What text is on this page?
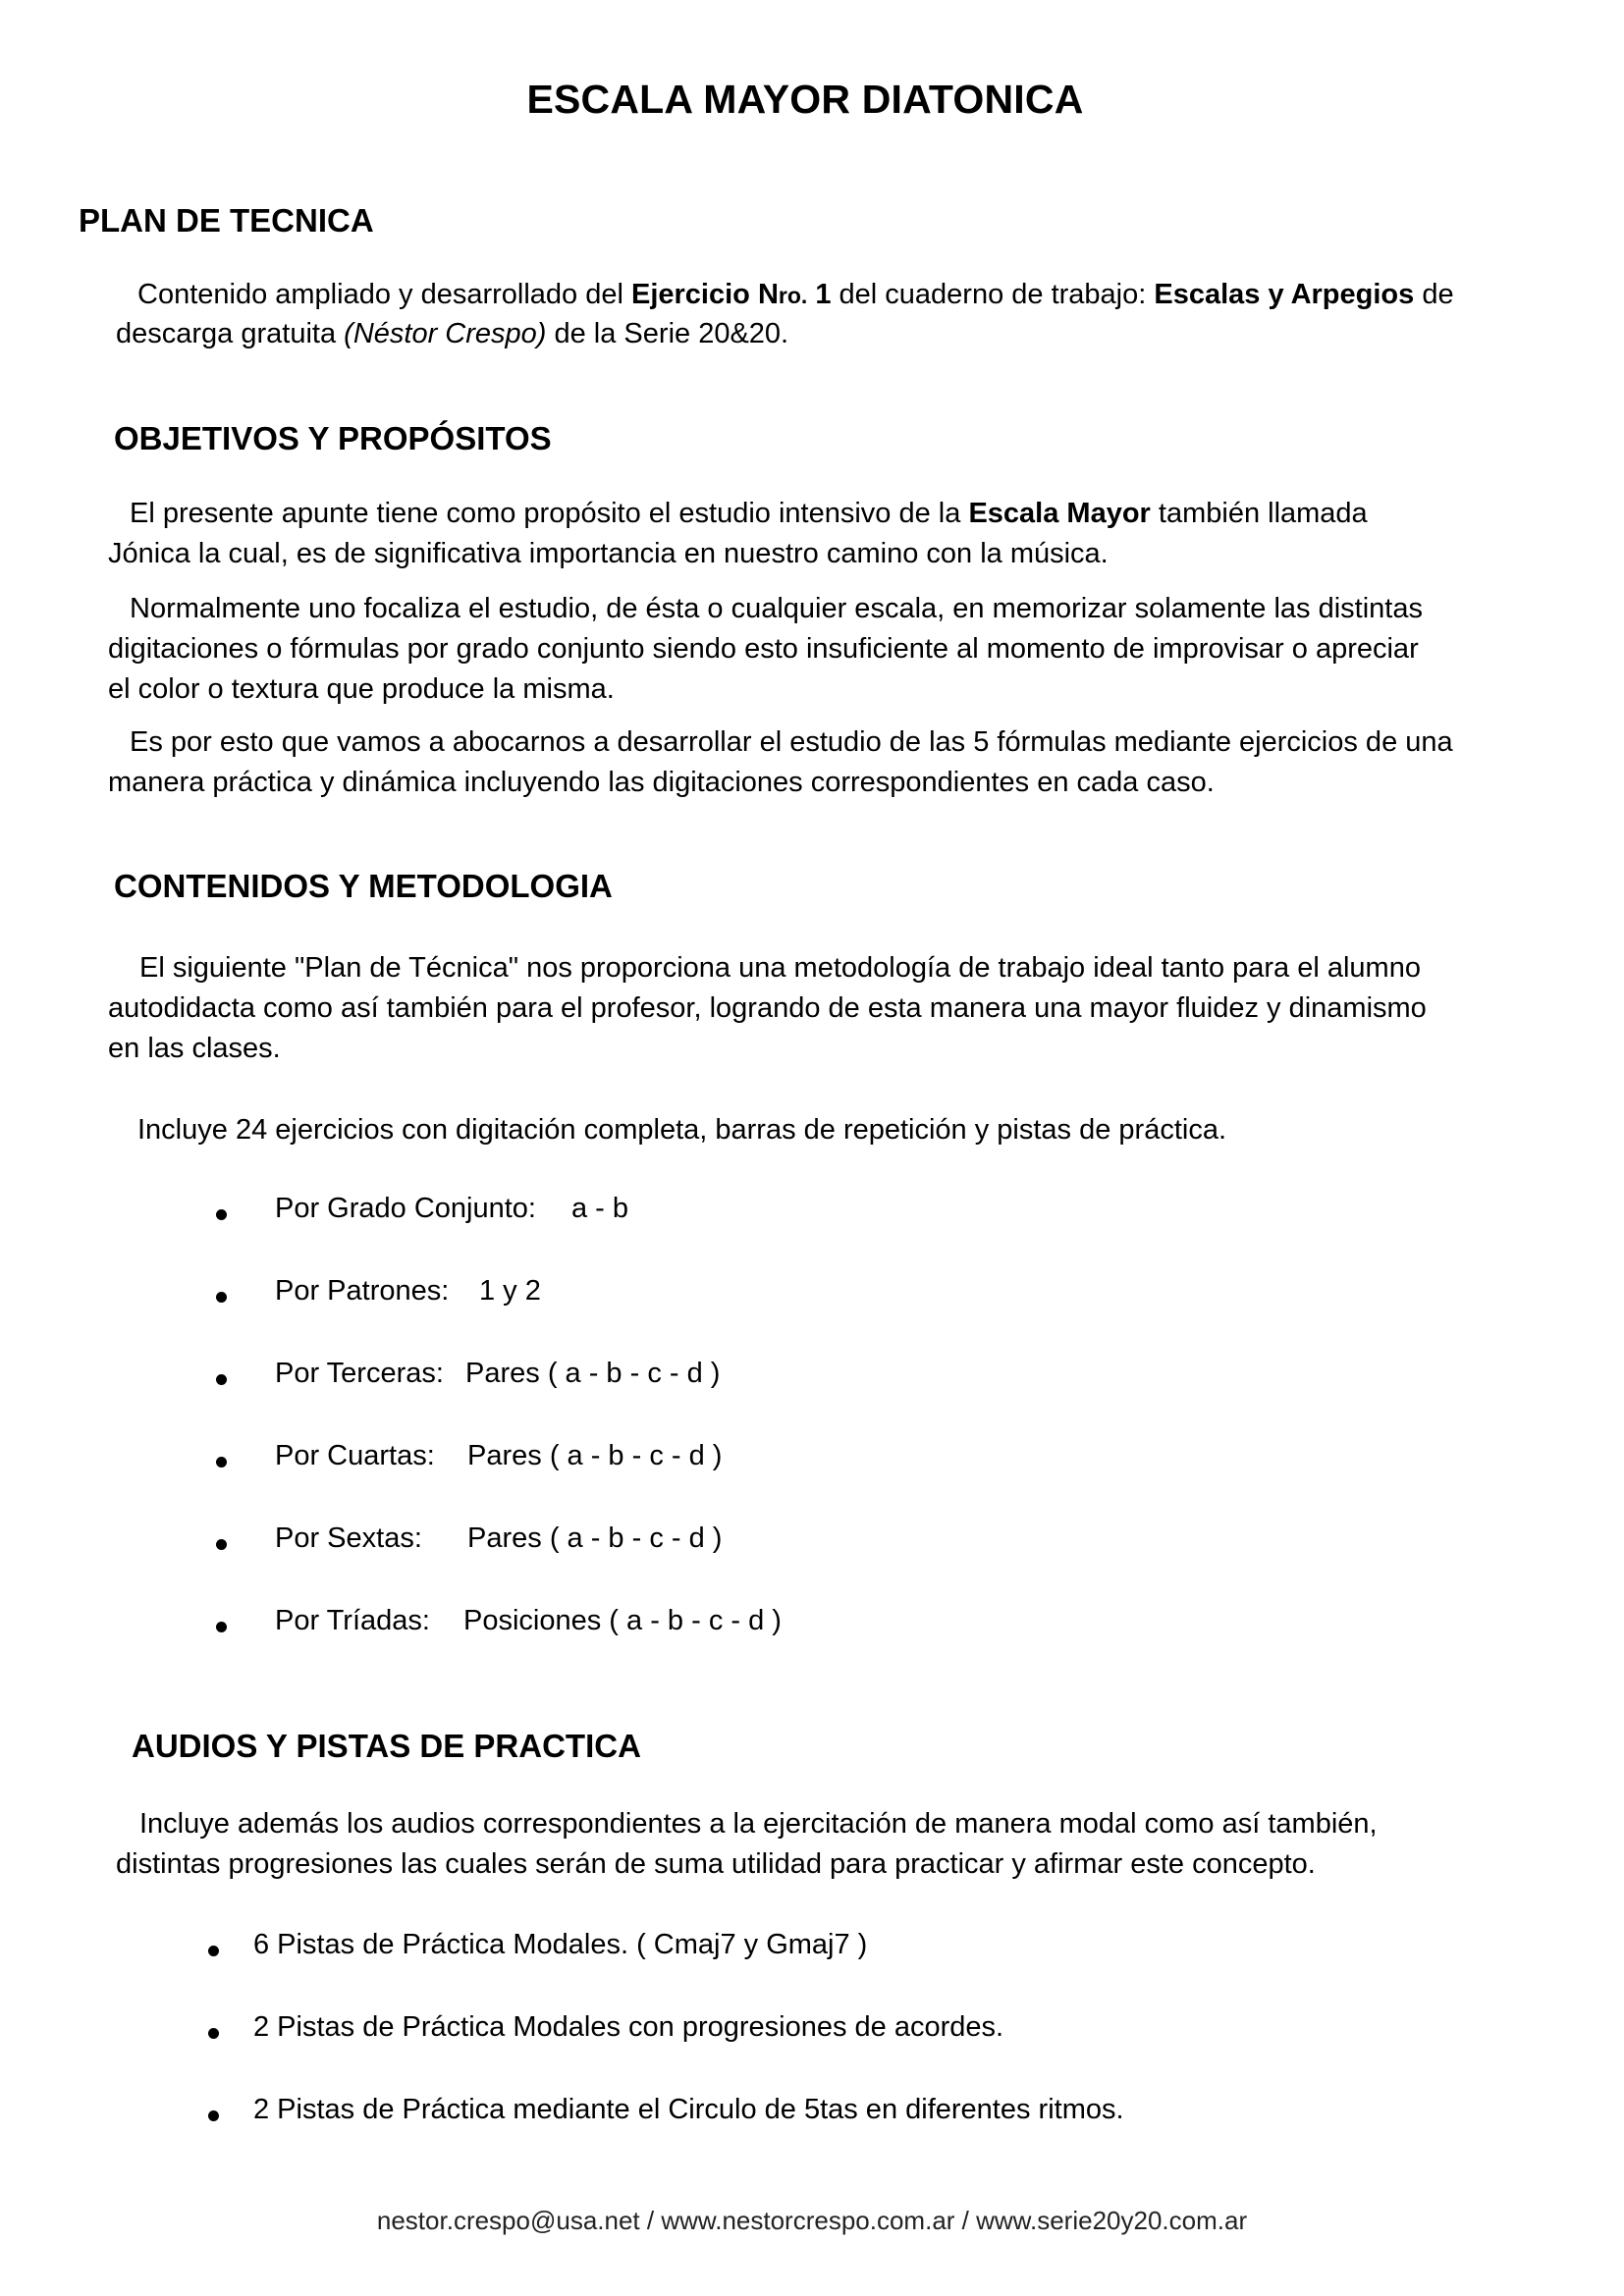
ESCALA MAYOR DIATONICA
PLAN DE TECNICA
Contenido ampliado y desarrollado del Ejercicio Nro. 1 del cuaderno de trabajo: Escalas y Arpegios de
descarga gratuita (Néstor Crespo) de la Serie 20&20.
OBJETIVOS Y PROPÓSITOS
El presente apunte tiene como propósito el estudio intensivo de la Escala Mayor también llamada
Jónica la cual, es de significativa importancia en nuestro camino con la música.
Normalmente uno focaliza el estudio, de ésta o cualquier escala, en memorizar solamente las distintas
digitaciones o fórmulas por grado conjunto siendo esto insuficiente al momento de improvisar o apreciar
el color o textura que produce la misma.
Es por esto que vamos a abocarnos a desarrollar el estudio de las 5 fórmulas mediante ejercicios de una
manera práctica y dinámica incluyendo las digitaciones correspondientes en cada caso.
CONTENIDOS Y METODOLOGIA
El siguiente "Plan de Técnica" nos proporciona una metodología de trabajo ideal tanto para el alumno
autodidacta como así también para el profesor, logrando de esta manera una mayor fluidez y dinamismo
en las clases.
Incluye 24 ejercicios con digitación completa, barras de repetición y pistas de práctica.
Por Grado Conjunto: a - b
Por Patrones: 1 y 2
Por Terceras: Pares ( a - b - c - d )
Por Cuartas: Pares ( a - b - c - d )
Por Sextas: Pares ( a - b - c - d )
Por Tríadas: Posiciones ( a - b - c - d )
AUDIOS Y PISTAS DE PRACTICA
Incluye además los audios correspondientes a la ejercitación de manera modal como así también,
distintas progresiones las cuales serán de suma utilidad para practicar y afirmar este concepto.
6 Pistas de Práctica Modales. ( Cmaj7 y Gmaj7 )
2 Pistas de Práctica Modales con progresiones de acordes.
2 Pistas de Práctica mediante el Circulo de 5tas en diferentes ritmos.
nestor.crespo@usa.net / www.nestorcrespo.com.ar / www.serie20y20.com.ar
